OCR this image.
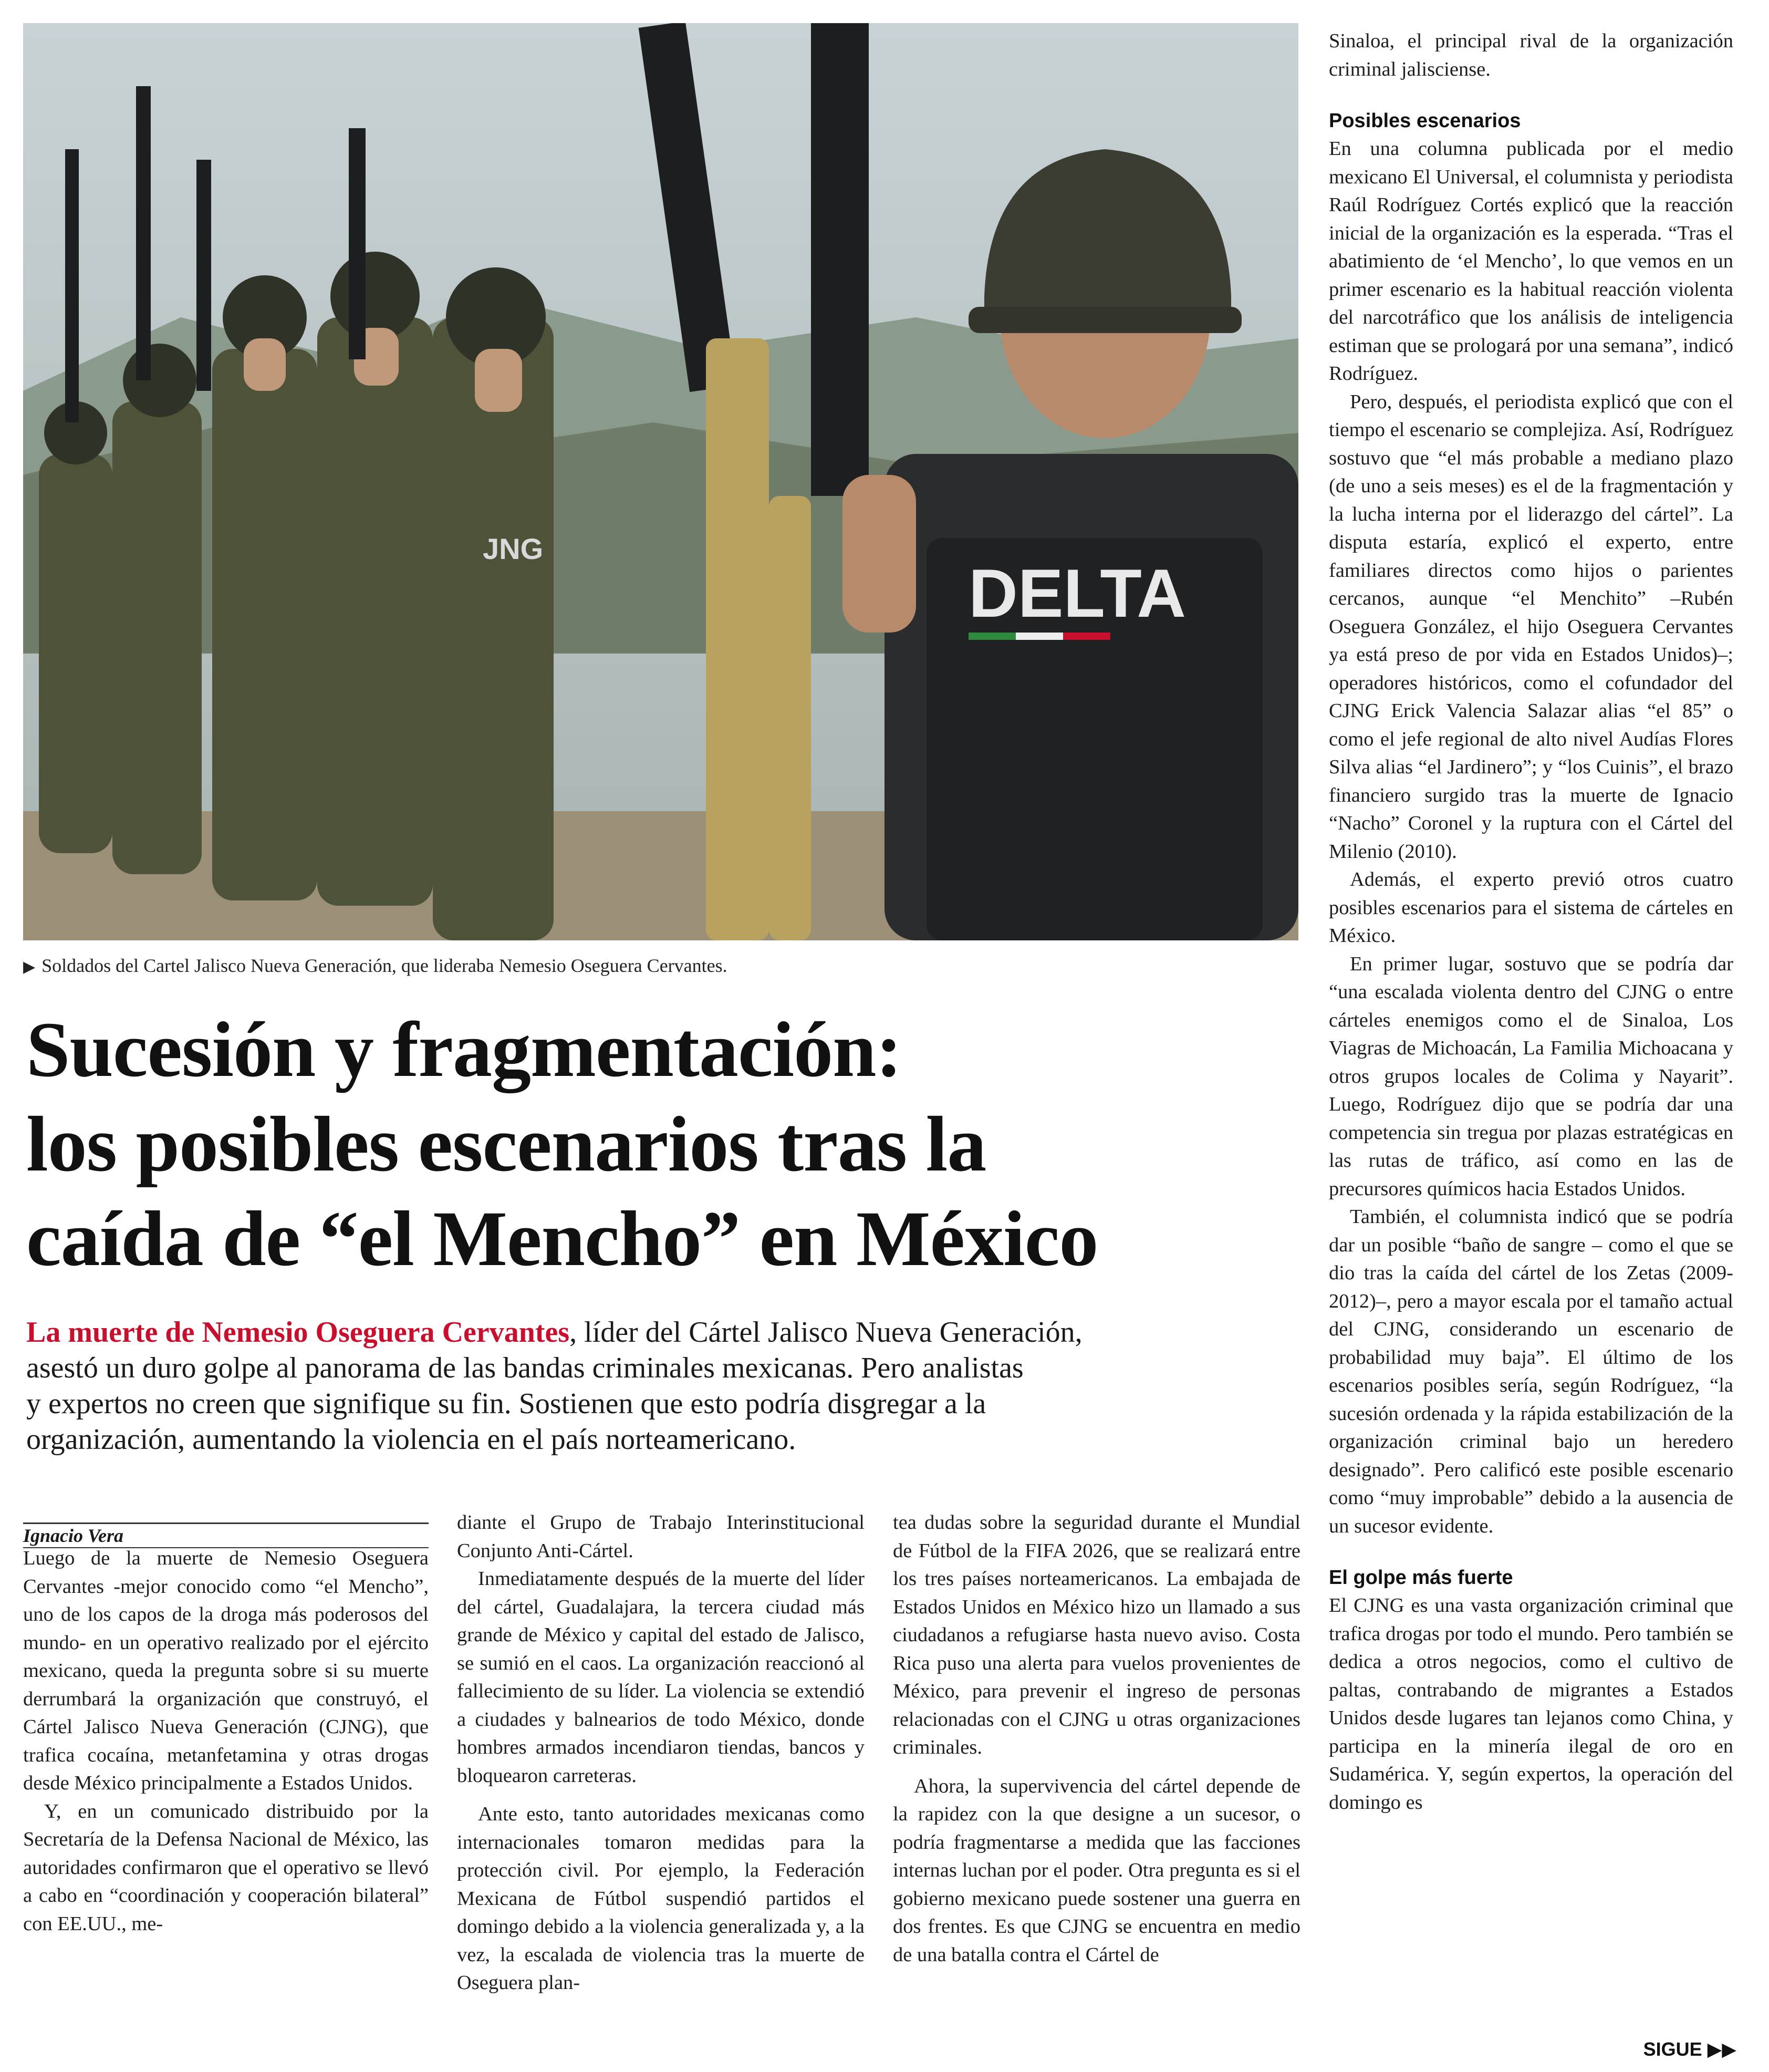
DELTA
JNG
▶ Soldados del Cartel Jalisco Nueva Generación, que lideraba Nemesio Oseguera Cervantes.
Sucesión y fragmentación:
los posibles escenarios tras la
caída de “el Mencho” en México
La muerte de Nemesio Oseguera Cervantes, líder del Cártel Jalisco Nueva Generación,
asestó un duro golpe al panorama de las bandas criminales mexicanas. Pero analistas
y expertos no creen que signifique su fin. Sostienen que esto podría disgregar a la
organización, aumentando la violencia en el país norteamericano.
Ignacio Vera

Luego de la muerte de Nemesio Oseguera Cervantes -mejor conocido como “el Mencho”, uno de los capos de la droga más poderosos del mundo- en un operativo realizado por el ejército mexicano, queda la pregunta sobre si su muerte derrumbará la organización que construyó, el Cártel Jalisco Nueva Generación (CJNG), que trafica cocaína, metanfetamina y otras drogas desde México principalmente a Estados Unidos.

Y, en un comunicado distribuido por la Secretaría de la Defensa Nacional de México, las autoridades confirmaron que el operativo se llevó a cabo en “coordinación y cooperación bilateral” con EE.UU., me-

diante el Grupo de Trabajo Interinstitucional Conjunto Anti-Cártel.

Inmediatamente después de la muerte del líder del cártel, Guadalajara, la tercera ciudad más grande de México y capital del estado de Jalisco, se sumió en el caos. La organización reaccionó al fallecimiento de su líder. La violencia se extendió a ciudades y balnearios de todo México, donde hombres armados incendiaron tiendas, bancos y bloquearon carreteras.

Ante esto, tanto autoridades mexicanas como internacionales tomaron medidas para la protección civil. Por ejemplo, la Federación Mexicana de Fútbol suspendió partidos el domingo debido a la violencia generalizada y, a la vez, la escalada de violencia tras la muerte de Oseguera plan-

tea dudas sobre la seguridad durante el Mundial de Fútbol de la FIFA 2026, que se realizará entre los tres países norteamericanos. La embajada de Estados Unidos en México hizo un llamado a sus ciudadanos a refugiarse hasta nuevo aviso. Costa Rica puso una alerta para vuelos provenientes de México, para prevenir el ingreso de personas relacionadas con el CJNG u otras organizaciones criminales.

Ahora, la supervivencia del cártel depende de la rapidez con la que designe a un sucesor, o podría fragmentarse a medida que las facciones internas luchan por el poder. Otra pregunta es si el gobierno mexicano puede sostener una guerra en dos frentes. Es que CJNG se encuentra en medio de una batalla contra el Cártel de

Sinaloa, el principal rival de la organización criminal jalisciense.

Posibles escenarios

En una columna publicada por el medio mexicano El Universal, el columnista y periodista Raúl Rodríguez Cortés explicó que la reacción inicial de la organización es la esperada. “Tras el abatimiento de ‘el Mencho’, lo que vemos en un primer escenario es la habitual reacción violenta del narcotráfico que los análisis de inteligencia estiman que se prologará por una semana”, indicó Rodríguez.

Pero, después, el periodista explicó que con el tiempo el escenario se complejiza. Así, Rodríguez sostuvo que “el más probable a mediano plazo (de uno a seis meses) es el de la fragmentación y la lucha interna por el liderazgo del cártel”. La disputa estaría, explicó el experto, entre familiares directos como hijos o parientes cercanos, aunque “el Menchito” –Rubén Oseguera González, el hijo Oseguera Cervantes ya está preso de por vida en Estados Unidos)–; operadores históricos, como el cofundador del CJNG Erick Valencia Salazar alias “el 85” o como el jefe regional de alto nivel Audías Flores Silva alias “el Jardinero”; y “los Cuinis”, el brazo financiero surgido tras la muerte de Ignacio “Nacho” Coronel y la ruptura con el Cártel del Milenio (2010).

Además, el experto previó otros cuatro posibles escenarios para el sistema de cárteles en México.

En primer lugar, sostuvo que se podría dar “una escalada violenta dentro del CJNG o entre cárteles enemigos como el de Sinaloa, Los Viagras de Michoacán, La Familia Michoacana y otros grupos locales de Colima y Nayarit”. Luego, Rodríguez dijo que se podría dar una competencia sin tregua por plazas estratégicas en las rutas de tráfico, así como en las de precursores químicos hacia Estados Unidos.

También, el columnista indicó que se podría dar un posible “baño de sangre – como el que se dio tras la caída del cártel de los Zetas (2009-2012)–, pero a mayor escala por el tamaño actual del CJNG, considerando un escenario de probabilidad muy baja”. El último de los escenarios posibles sería, según Rodríguez, “la sucesión ordenada y la rápida estabilización de la organización criminal bajo un heredero designado”. Pero calificó este posible escenario como “muy improbable” debido a la ausencia de un sucesor evidente.

El golpe más fuerte

El CJNG es una vasta organización criminal que trafica drogas por todo el mundo. Pero también se dedica a otros negocios, como el cultivo de paltas, contrabando de migrantes a Estados Unidos desde lugares tan lejanos como China, y participa en la minería ilegal de oro en Sudamérica. Y, según expertos, la operación del domingo es

SIGUE ▶▶
